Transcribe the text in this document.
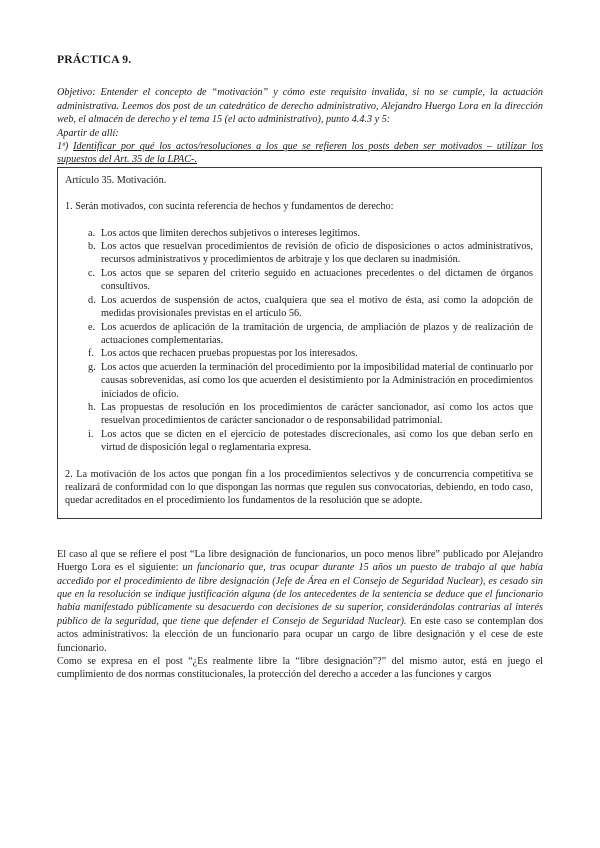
PRÁCTICA 9.

Objetivo: Entender el concepto de “motivación” y cómo este requisito invalida, si no se cumple, la actuación administrativa. Leemos dos post de un catedrático de derecho administrativo, Alejandro Huergo Lora en la dirección web, el almacén de derecho y el tema 15 (el acto administrativo), punto 4.4.3 y 5:

Apartir de allí:

1ª) Identificar por qué los actos/resoluciones a los que se refieren los posts deben ser motivados – utilizar los supuestos del Art. 35 de la LPAC-.

Artículo 35. Motivación.

1. Serán motivados, con sucinta referencia de hechos y fundamentos de derecho:

a. Los actos que limiten derechos subjetivos o intereses legítimos.
b. Los actos que resuelvan procedimientos de revisión de oficio de disposiciones o actos administrativos, recursos administrativos y procedimientos de arbitraje y los que declaren su inadmisión.
c. Los actos que se separen del criterio seguido en actuaciones precedentes o del dictamen de órganos consultivos.
d. Los acuerdos de suspensión de actos, cualquiera que sea el motivo de ésta, así como la adopción de medidas provisionales previstas en el artículo 56.
e. Los acuerdos de aplicación de la tramitación de urgencia, de ampliación de plazos y de realización de actuaciones complementarias.
f. Los actos que rechacen pruebas propuestas por los interesados.
g. Los actos que acuerden la terminación del procedimiento por la imposibilidad material de continuarlo por causas sobrevenidas, así como los que acuerden el desistimiento por la Administración en procedimientos iniciados de oficio.
h. Las propuestas de resolución en los procedimientos de carácter sancionador, así como los actos que resuelvan procedimientos de carácter sancionador o de responsabilidad patrimonial.
i. Los actos que se dicten en el ejercicio de potestades discrecionales, así como los que deban serlo en virtud de disposición legal o reglamentaria expresa.

2. La motivación de los actos que pongan fin a los procedimientos selectivos y de concurrencia competitiva se realizará de conformidad con lo que dispongan las normas que regulen sus convocatorias, debiendo, en todo caso, quedar acreditados en el procedimiento los fundamentos de la resolución que se adopte.

El caso al que se refiere el post “La libre designación de funcionarios, un poco menos libre” publicado por Alejandro Huergo Lora es el siguiente: un funcionario que, tras ocupar durante 15 años un puesto de trabajo al que había accedido por el procedimiento de libre designación (Jefe de Área en el Consejo de Seguridad Nuclear), es cesado sin que en la resolución se indique justificación alguna (de los antecedentes de la sentencia se deduce que el funcionario había manifestado públicamente su desacuerdo con decisiones de su superior, considerándolas contrarias al interés público de la seguridad, que tiene que defender el Consejo de Seguridad Nuclear). En este caso se contemplan dos actos administrativos: la elección de un funcionario para ocupar un cargo de libre designación y el cese de este funcionario.

Como se expresa en el post “¿Es realmente libre la “libre designación”?” del mismo autor, está en juego el cumplimiento de dos normas constitucionales, la protección del derecho a acceder a las funciones y cargos
